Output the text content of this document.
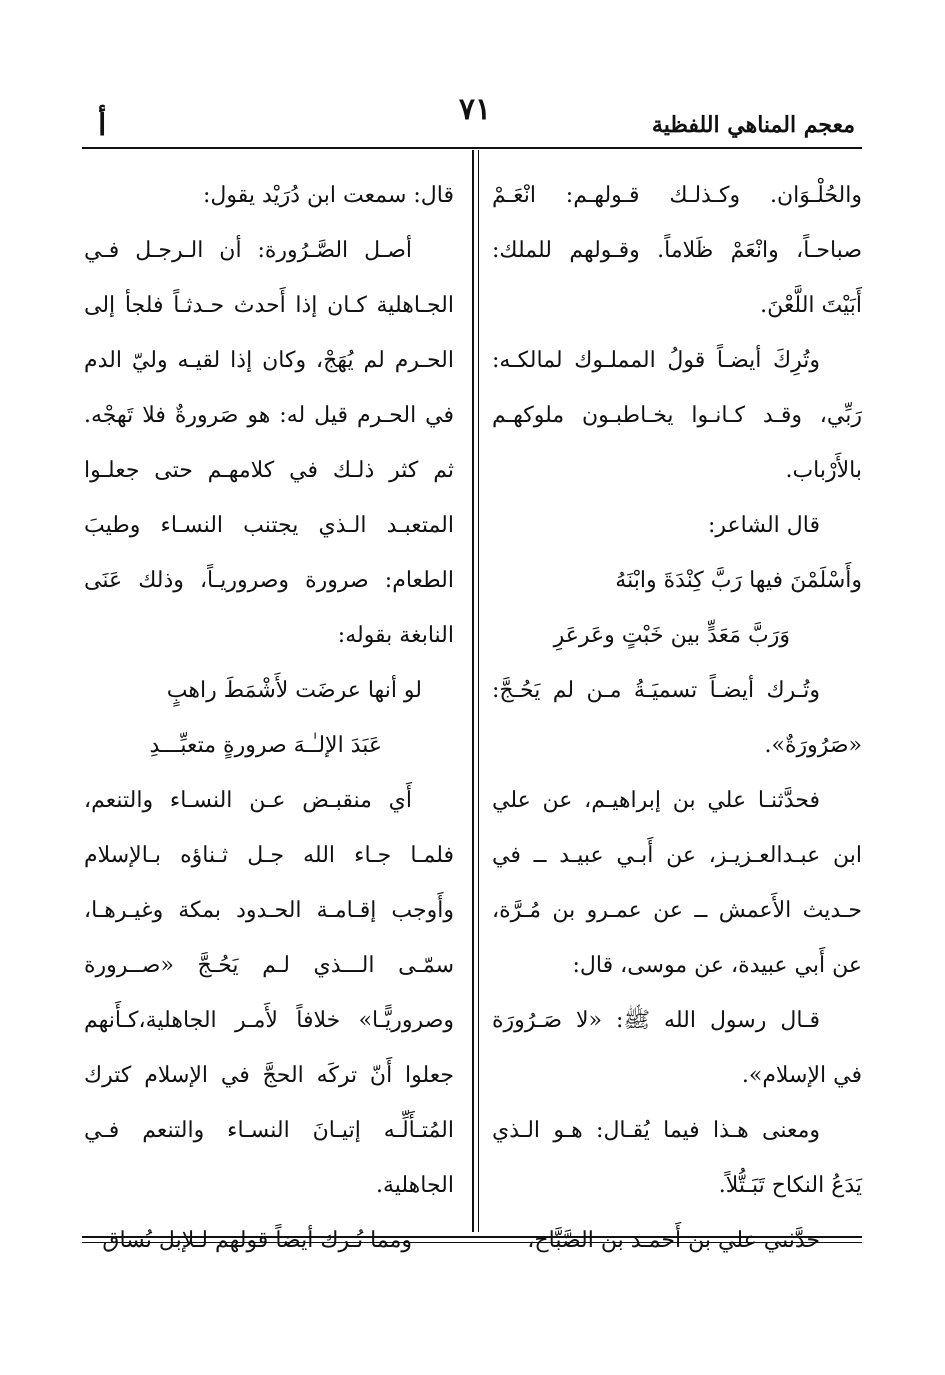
٧١	معجم المناهي اللفظية
أ

والحُلْـوَان. وكـذلـك قـولهـم: انْعَـمْ صباحـاً، وانْعَمْ ظَلاماً. وقـولهم للملك: أَبَيْتَ اللَّعْنَ.

وتُرِكَ أيضـاً قولُ المملـوك لمالكـه: رَبِّي، وقـد كـانـوا يخـاطبـون ملوكهـم بالأَرْباب.

قال الشاعر:

وأَسْلَمْنَ فيها رَبَّ كِنْدَةَ وابْنَهُ

وَرَبَّ مَعَدٍّ بين خَبْتٍ وعَرعَرِ

وتُـرك أيضـاً تسميَـةُ مـن لم يَحُـجَّ: «صَرُورَةٌ».

فحدَّثنـا علي بن إبراهيـم، عن علي ابن عبـدالعـزيـز، عن أَبـي عبيـد ــ في حـديث الأَعمش ــ عن عمـرو بن مُـرَّة، عن أَبي عبيدة، عن موسى، قال:

قـال رسول الله ﷺ: «لا صَـرُورَة في الإسلام».

ومعنى هـذا فيما يُقـال: هـو الـذي يَدَعُ النكاح تَبَـتُّلاً.

حدَّثني علي بن أَحمـد بن الصَّبَّاح،

قال: سمعت ابن دُرَيْد يقول:

أصـل الصَّـرُورة: أن الـرجـل فـي الجـاهلية كـان إذا أَحدث حـدثـاً فلجأ إلى الحـرم لم يُهَجْ، وكان إذا لقيـه وليّ الدم في الحـرم قيل له: هو صَرورةٌ فلا تَهجْه. ثم كثر ذلـك في كلامهـم حتى جعلـوا المتعبـد الـذي يجتنب النسـاء وطيبَ الطعام: صرورة وصروريـاً، وذلك عَنَى النابغة بقوله:

لو أنها عرضَت لأَشْمَطَ راهبٍ

عَبَدَ الإلـٰـهَ صرورةٍ متعبِّـــدِ

أَي منقبـض عـن النسـاء والتنعم، فلمـا جـاء الله جـل ثـناؤه بـالإسلام وأَوجب إقـامـة الحـدود بمكة وغيـرهـا، سمّـى الـــذي لـم يَحُـجَّ «صــرورة وصروريًّـا» خلافاً لأَمـر الجاهلية،كـأَنهم جعلوا أَنّ تركَه الحجَّ في الإسلام كترك المُتـأَلِّـه إتيـانَ النسـاء والتنعم فـي الجاهلية.

ومما تُـرك أيضاً قولهم لـلإبل تُساق
